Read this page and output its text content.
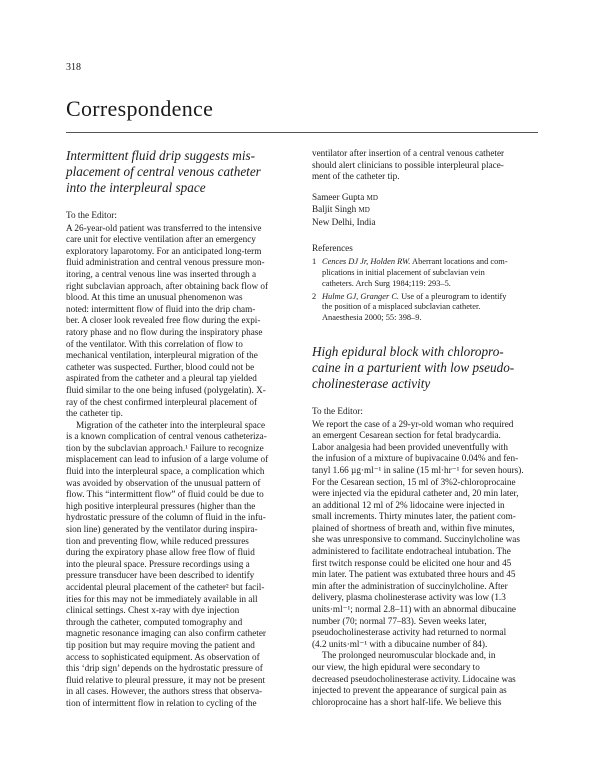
318
Correspondence
Intermittent fluid drip suggests mis-
placement of central venous catheter
into the interpleural space
To the Editor:
A 26-year-old patient was transferred to the intensive
care unit for elective ventilation after an emergency
exploratory laparotomy. For an anticipated long-term
fluid administration and central venous pressure mon-
itoring, a central venous line was inserted through a
right subclavian approach, after obtaining back flow of
blood. At this time an unusual phenomenon was
noted: intermittent flow of fluid into the drip cham-
ber. A closer look revealed free flow during the expi-
ratory phase and no flow during the inspiratory phase
of the ventilator. With this correlation of flow to
mechanical ventilation, interpleural migration of the
catheter was suspected. Further, blood could not be
aspirated from the catheter and a pleural tap yielded
fluid similar to the one being infused (polygelatin). X-
ray of the chest confirmed interpleural placement of
the catheter tip.
Migration of the catheter into the interpleural space
is a known complication of central venous catheteriza-
tion by the subclavian approach.¹ Failure to recognize
misplacement can lead to infusion of a large volume of
fluid into the interpleural space, a complication which
was avoided by observation of the unusual pattern of
flow. This “intermittent flow” of fluid could be due to
high positive interpleural pressures (higher than the
hydrostatic pressure of the column of fluid in the infu-
sion line) generated by the ventilator during inspira-
tion and preventing flow, while reduced pressures
during the expiratory phase allow free flow of fluid
into the pleural space. Pressure recordings using a
pressure transducer have been described to identify
accidental pleural placement of the catheter² but facil-
ities for this may not be immediately available in all
clinical settings. Chest x-ray with dye injection
through the catheter, computed tomography and
magnetic resonance imaging can also confirm catheter
tip position but may require moving the patient and
access to sophisticated equipment. As observation of
this ‘drip sign’ depends on the hydrostatic pressure of
fluid relative to pleural pressure, it may not be present
in all cases. However, the authors stress that observa-
tion of intermittent flow in relation to cycling of the
ventilator after insertion of a central venous catheter
should alert clinicians to possible interpleural place-
ment of the catheter tip.

Sameer Gupta MD

Baljit Singh MD

New Delhi, India

References

1 Cences DJ Jr, Holden RW. Aberrant locations and com-
plications in initial placement of subclavian vein
catheters. Arch Surg 1984;119: 293–5.
2 Hulme GJ, Granger C. Use of a pleurogram to identify
the position of a misplaced subclavian catheter.
Anaesthesia 2000; 55: 398–9.
High epidural block with chloropro-
caine in a parturient with low pseudo-
cholinesterase activity
To the Editor:
We report the case of a 29-yr-old woman who required
an emergent Cesarean section for fetal bradycardia.
Labor analgesia had been provided uneventfully with
the infusion of a mixture of bupivacaine 0.04% and fen-
tanyl 1.66 µg·ml⁻¹ in saline (15 ml·hr⁻¹ for seven hours).
For the Cesarean section, 15 ml of 3%2-chloroprocaine
were injected via the epidural catheter and, 20 min later,
an additional 12 ml of 2% lidocaine were injected in
small increments. Thirty minutes later, the patient com-
plained of shortness of breath and, within five minutes,
she was unresponsive to command. Succinylcholine was
administered to facilitate endotracheal intubation. The
first twitch response could be elicited one hour and 45
min later. The patient was extubated three hours and 45
min after the administration of succinylcholine. After
delivery, plasma cholinesterase activity was low (1.3
units·ml⁻¹; normal 2.8–11) with an abnormal dibucaine
number (70; normal 77–83). Seven weeks later,
pseudocholinesterase activity had returned to normal
(4.2 units·ml⁻¹ with a dibucaine number of 84).
The prolonged neuromuscular blockade and, in
our view, the high epidural were secondary to
decreased pseudocholinesterase activity. Lidocaine was
injected to prevent the appearance of surgical pain as
chloroprocaine has a short half-life. We believe this
